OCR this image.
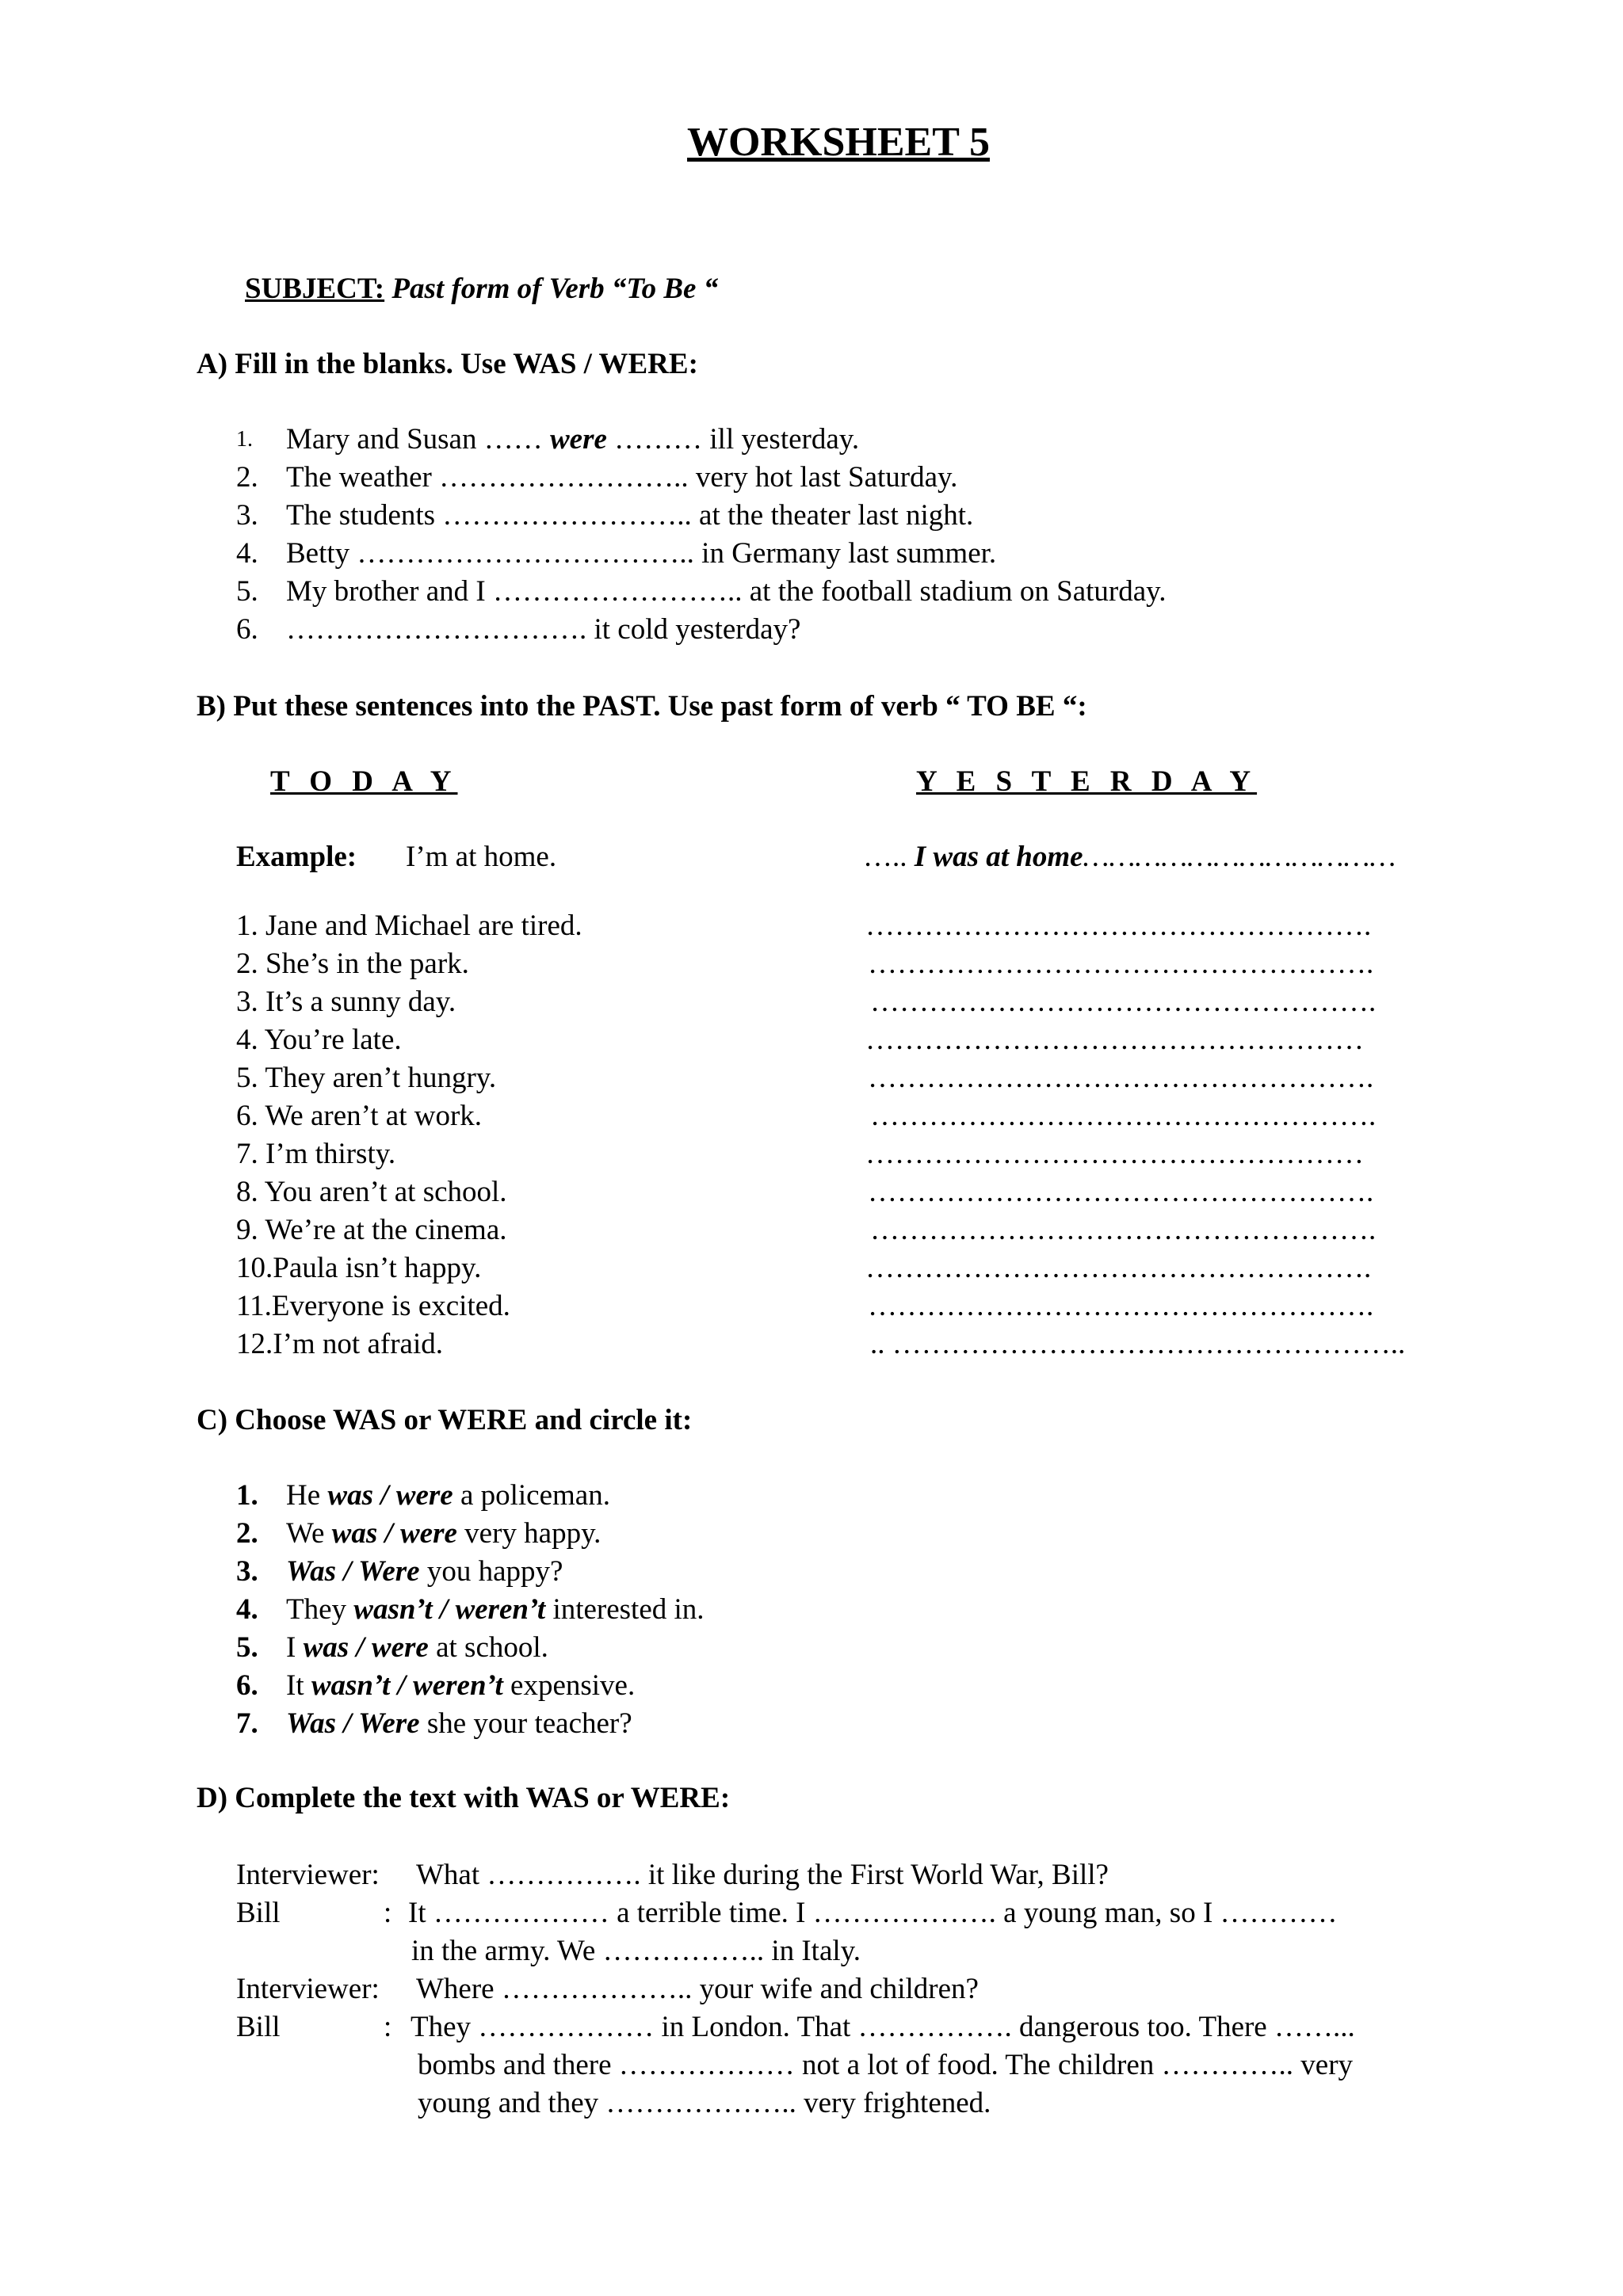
WORKSHEET 5
SUBJECT: Past form of Verb “To Be “
A) Fill in the blanks. Use WAS / WERE:
1. Mary and Susan …… were ……… ill yesterday.
2. The weather …………………….. very hot last Saturday.
3. The students …………………….. at the theater last night.
4. Betty …………………………….. in Germany last summer.
5. My brother and I …………………….. at the football stadium on Saturday.
6. …………………………. it cold yesterday?
B) Put these sentences into the PAST. Use past form of verb “ TO BE “:
T O D A Y	Y E S T E R D A Y
Example: I’m at home.	….. I was at home………………………………
1. Jane and Michael are tired.	…………………………………………….
2. She’s in the park.	…………………………………………….
3. It’s a sunny day.	…………………………………………….
4. You’re late.	……………………………………………
5. They aren’t hungry.	…………………………………………….
6. We aren’t at work.	…………………………………………….
7. I’m thirsty.	……………………………………………
8. You aren’t at school.	…………………………………………….
9. We’re at the cinema.	…………………………………………….
10.Paula isn’t happy.	…………………………………………….
11.Everyone is excited.	…………………………………………….
12.I’m not afraid.	.. ……………………………………………..
C) Choose WAS or WERE and circle it:
1. He was / were a policeman.
2. We was / were very happy.
3. Was / Were you happy?
4. They wasn’t / weren’t interested in.
5. I was / were at school.
6. It wasn’t / weren’t expensive.
7. Was / Were she your teacher?
D) Complete the text with WAS or WERE:
Interviewer: What ……………. it like during the First World War, Bill?
Bill	: It ……………… a terrible time. I ………………. a young man, so I …………
in the army. We …………….. in Italy.
Interviewer: Where ……………….. your wife and children?
Bill	: They ……………… in London. That ……………. dangerous too. There ……...
bombs and there ……………… not a lot of food. The children ………….. very
young and they ……………….. very frightened.
